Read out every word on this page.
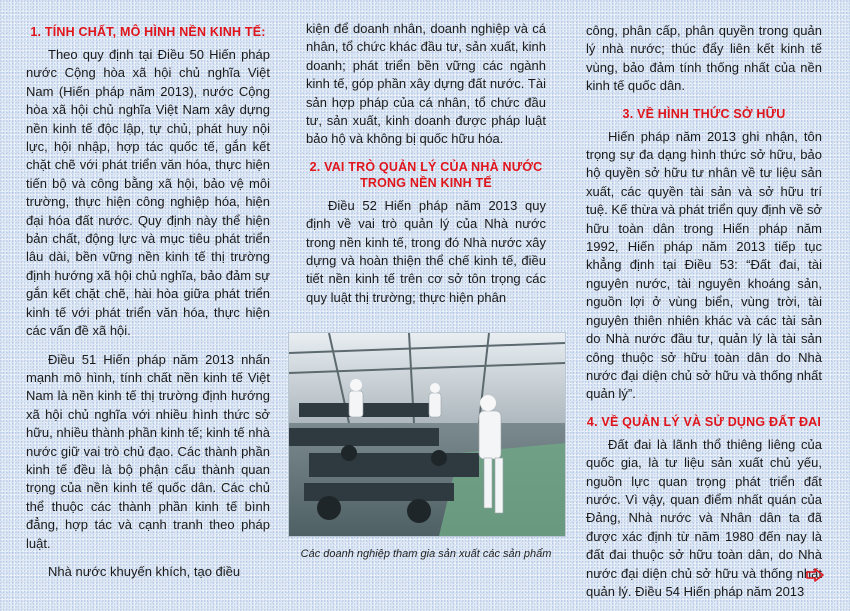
1. TÍNH CHẤT, MÔ HÌNH NỀN KINH TẾ:

Theo quy định tại Điều 50 Hiến pháp nước Cộng hòa xã hội chủ nghĩa Việt Nam (Hiến pháp năm 2013), nước Cộng hòa xã hội chủ nghĩa Việt Nam xây dựng nền kinh tế độc lập, tự chủ, phát huy nội lực, hội nhập, hợp tác quốc tế, gắn kết chặt chẽ với phát triển văn hóa, thực hiện tiến bộ và công bằng xã hội, bảo vệ môi trường, thực hiện công nghiệp hóa, hiện đại hóa đất nước. Quy định này thể hiện bản chất, động lực và mục tiêu phát triển lâu dài, bền vững nền kinh tế thị trường định hướng xã hội chủ nghĩa, bảo đảm sự gắn kết chặt chẽ, hài hòa giữa phát triển kinh tế với phát triển văn hóa, thực hiện các vấn đề xã hội.

Điều 51 Hiến pháp năm 2013 nhấn mạnh mô hình, tính chất nền kinh tế Việt Nam là nền kinh tế thị trường định hướng xã hội chủ nghĩa với nhiều hình thức sở hữu, nhiều thành phần kinh tế; kinh tế nhà nước giữ vai trò chủ đạo. Các thành phần kinh tế đều là bộ phận cấu thành quan trọng của nền kinh tế quốc dân. Các chủ thể thuộc các thành phần kinh tế bình đẳng, hợp tác và cạnh tranh theo pháp luật.

Nhà nước khuyến khích, tạo điều

kiện để doanh nhân, doanh nghiệp và cá nhân, tổ chức khác đầu tư, sản xuất, kinh doanh; phát triển bền vững các ngành kinh tế, góp phần xây dựng đất nước. Tài sản hợp pháp của cá nhân, tổ chức đầu tư, sản xuất, kinh doanh được pháp luật bảo hộ và không bị quốc hữu hóa.

2. VAI TRÒ QUẢN LÝ CỦA NHÀ NƯỚC TRONG NỀN KINH TẾ

Điều 52 Hiến pháp năm 2013 quy định về vai trò quản lý của Nhà nước trong nền kinh tế, trong đó Nhà nước xây dựng và hoàn thiện thể chế kinh tế, điều tiết nền kinh tế trên cơ sở tôn trọng các quy luật thị trường; thực hiện phân

Các doanh nghiệp tham gia sản xuất các sản phẩm

công, phân cấp, phân quyền trong quản lý nhà nước; thúc đẩy liên kết kinh tế vùng, bảo đảm tính thống nhất của nền kinh tế quốc dân.

3. VỀ HÌNH THỨC SỞ HỮU

Hiến pháp năm 2013 ghi nhận, tôn trọng sự đa dạng hình thức sở hữu, bảo hộ quyền sở hữu tư nhân về tư liệu sản xuất, các quyền tài sản và sở hữu trí tuệ. Kế thừa và phát triển quy định về sở hữu toàn dân trong Hiến pháp năm 1992, Hiến pháp năm 2013 tiếp tục khẳng định tại Điều 53: “Đất đai, tài nguyên nước, tài nguyên khoáng sản, nguồn lợi ở vùng biển, vùng trời, tài nguyên thiên nhiên khác và các tài sản do Nhà nước đầu tư, quản lý là tài sản công thuộc sở hữu toàn dân do Nhà nước đại diện chủ sở hữu và thống nhất quản lý”.

4. VỀ QUẢN LÝ VÀ SỬ DỤNG ĐẤT ĐAI

Đất đai là lãnh thổ thiêng liêng của quốc gia, là tư liệu sản xuất chủ yếu, nguồn lực quan trọng phát triển đất nước. Vì vậy, quan điểm nhất quán của Đảng, Nhà nước và Nhân dân ta đã được xác định từ năm 1980 đến nay là đất đai thuộc sở hữu toàn dân, do Nhà nước đại diện chủ sở hữu và thống nhất quản lý. Điều 54 Hiến pháp năm 2013
